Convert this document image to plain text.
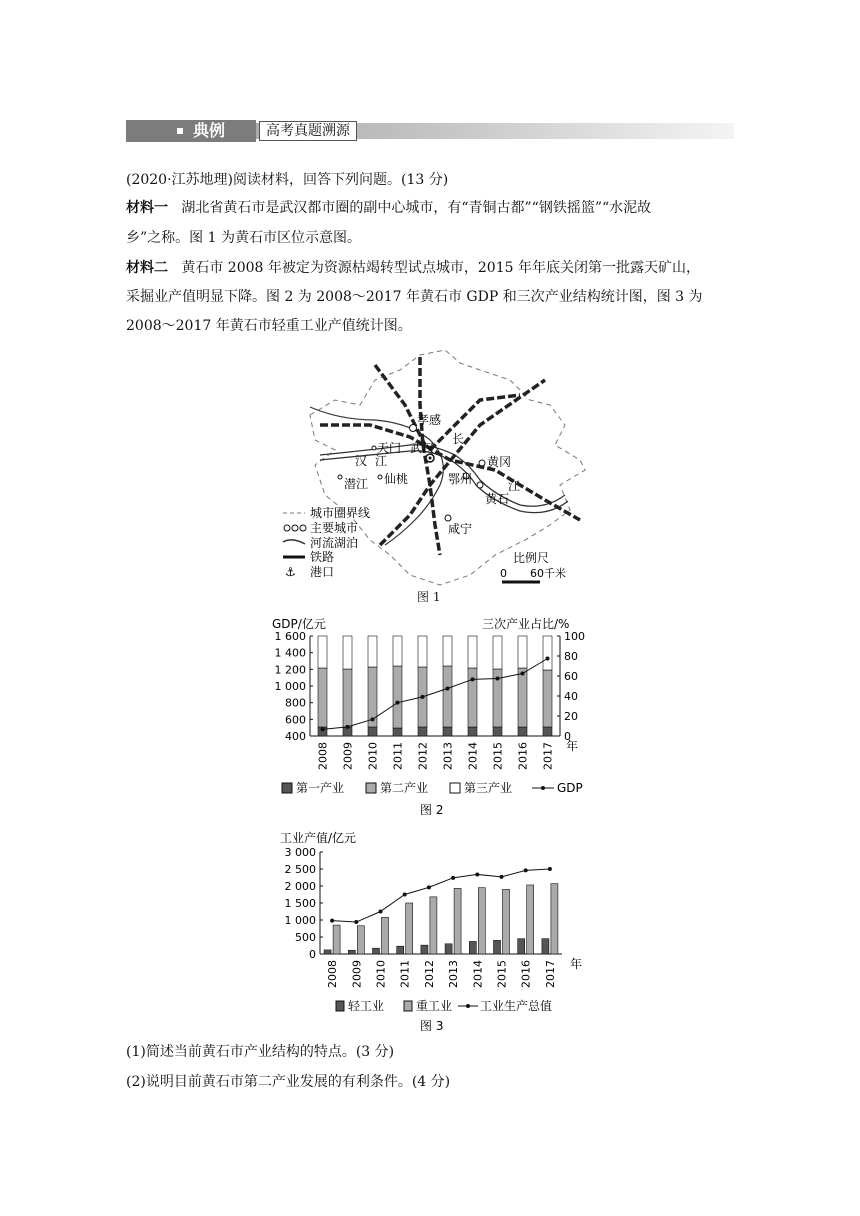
典例	高考真题溯源
(2020·江苏地理)阅读材料，回答下列问题。(13 分)
材料一 湖北省黄石市是武汉都市圈的副中心城市，有“青铜古都”“钢铁摇篮”“水泥故
乡”之称。图 1 为黄石市区位示意图。
材料二 黄石市 2008 年被定为资源枯竭转型试点城市，2015 年年底关闭第一批露天矿山，
采掘业产值明显下降。图 2 为 2008～2017 年黄石市 GDP 和三次产业结构统计图，图 3 为
2008～2017 年黄石市轻重工业产值统计图。
孝感
天门 武汉
长
汉 江	黄冈
潜江 仙桃	鄂州	江
黄石
咸宁
城市圈界线
主要城市
河流湖泊
铁路
⚓ 港口
比例尺
0 60千米
图 1
GDP/亿元	三次产业占比/%
1 600
1 400
1 200
1 000
800
600
400
100
80
60
40
20
0
2008 2009 2010 2011 2012 2013 2014 2015 2016 2017 年
第一产业	第二产业	第三产业	GDP
图 2
工业产值/亿元
3 000
2 500
2 000
1 500
1 000
500
0
2008 2009 2010 2011 2012 2013 2014 2015 2016 2017 年
轻工业	重工业 工业生产总值
图 3
(1)简述当前黄石市产业结构的特点。(3 分)
(2)说明目前黄石市第二产业发展的有利条件。(4 分)
